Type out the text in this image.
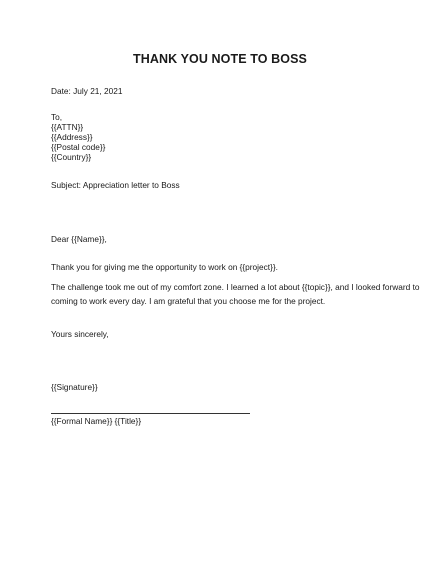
THANK YOU NOTE TO BOSS
Date: July 21, 2021
To,
{{ATTN}}
{{Address}}
{{Postal code}}
{{Country}}
Subject: Appreciation letter to Boss
Dear {{Name}},
Thank you for giving me the opportunity to work on {{project}}.
The challenge took me out of my comfort zone. I learned a lot about {{topic}}, and I looked forward to
coming to work every day. I am grateful that you choose me for the project.
Yours sincerely,
{{Signature}}
{{Formal Name}} {{Title}}
